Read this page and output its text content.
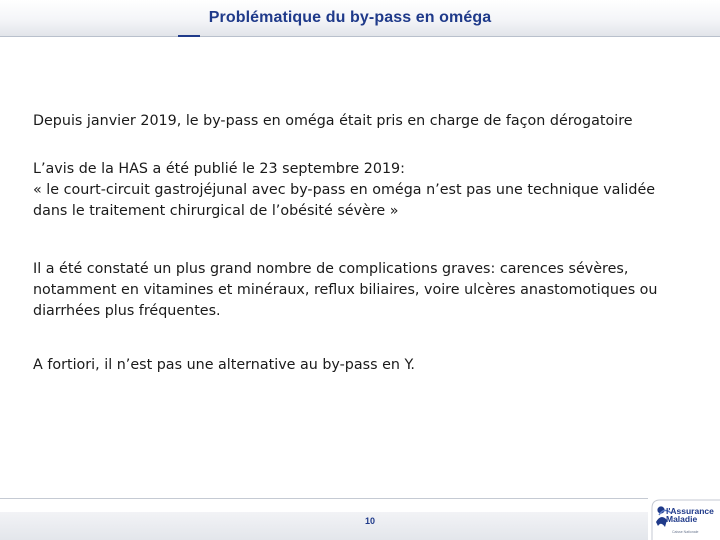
Problématique du by-pass en oméga

Depuis janvier 2019, le by-pass en oméga était pris en charge de façon dérogatoire

L’avis de la HAS a été publié le 23 septembre 2019:

« le court-circuit gastrojéjunal avec by-pass en oméga n’est pas une technique validée dans le traitement chirurgical de l’obésité sévère »

Il a été constaté un plus grand nombre de complications graves: carences sévères, notamment en vitamines et minéraux, reflux biliaires, voire ulcères anastomotiques ou diarrhées plus fréquentes.

A fortiori, il n’est pas une alternative au by-pass en Y.

10
l'Assurance
Maladie
Caisse Nationale
